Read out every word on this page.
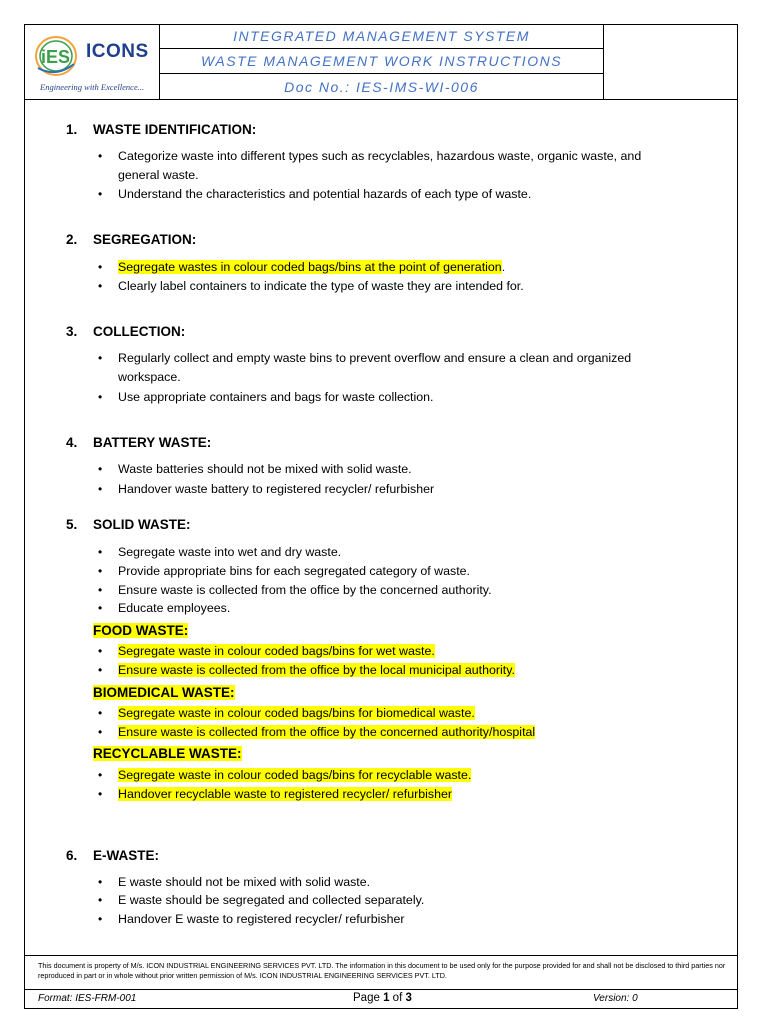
iES ICONS
Engineering with Excellence...
INTEGRATED MANAGEMENT SYSTEM
WASTE MANAGEMENT WORK INSTRUCTIONS
Doc No.: IES-IMS-WI-006
1. WASTE IDENTIFICATION:
• Categorize waste into different types such as recyclables, hazardous waste, organic waste, and general waste.
• Understand the characteristics and potential hazards of each type of waste.
2. SEGREGATION:
• Segregate wastes in colour coded bags/bins at the point of generation.
• Clearly label containers to indicate the type of waste they are intended for.
3. COLLECTION:
• Regularly collect and empty waste bins to prevent overflow and ensure a clean and organized workspace.
• Use appropriate containers and bags for waste collection.
4. BATTERY WASTE:
• Waste batteries should not be mixed with solid waste.
• Handover waste battery to registered recycler/ refurbisher
5. SOLID WASTE:
• Segregate waste into wet and dry waste.
• Provide appropriate bins for each segregated category of waste.
• Ensure waste is collected from the office by the concerned authority.
• Educate employees.
FOOD WASTE:
• Segregate waste in colour coded bags/bins for wet waste.
• Ensure waste is collected from the office by the local municipal authority.
BIOMEDICAL WASTE:
• Segregate waste in colour coded bags/bins for biomedical waste.
• Ensure waste is collected from the office by the concerned authority/hospital
RECYCLABLE WASTE:
• Segregate waste in colour coded bags/bins for recyclable waste.
• Handover recyclable waste to registered recycler/ refurbisher
6. E-WASTE:
• E waste should not be mixed with solid waste.
• E waste should be segregated and collected separately.
• Handover E waste to registered recycler/ refurbisher
This document is property of M/s. ICON INDUSTRIAL ENGINEERING SERVICES PVT. LTD. The information in this document to be used only for the purpose provided for and shall not be disclosed to third parties nor reproduced in part or in whole without prior written permission of M/s. ICON INDUSTRIAL ENGINEERING SERVICES PVT. LTD.
Format: IES-FRM-001	Page 1 of 3	Version: 0
